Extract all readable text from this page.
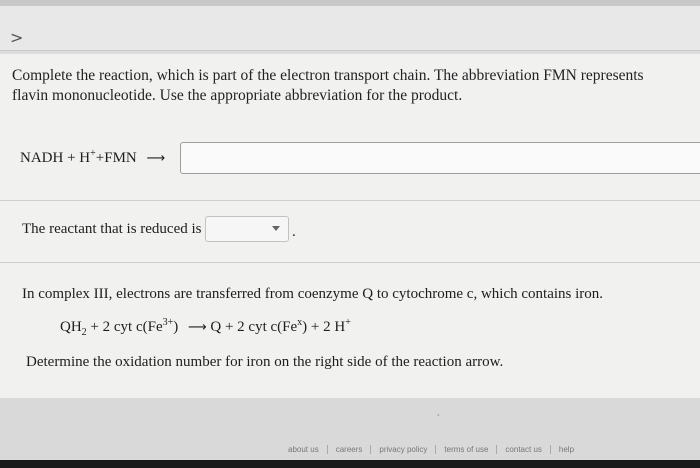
>
Complete the reaction, which is part of the electron transport chain. The abbreviation FMN represents flavin mononucleotide. Use the appropriate abbreviation for the product.
NADH + H++FMN ⟶
The reactant that is reduced is	.
In complex III, electrons are transferred from coenzyme Q to cytochrome c, which contains iron.
$QH_2 + 2$ cyt $c(Fe^{3+})$ ⟶ Q + 2 cyt $c(Fe^x) + 2$ H+
Determine the oxidation number for iron on the right side of the reaction arrow.
•
about us careers privacy policy terms of use contact us help
